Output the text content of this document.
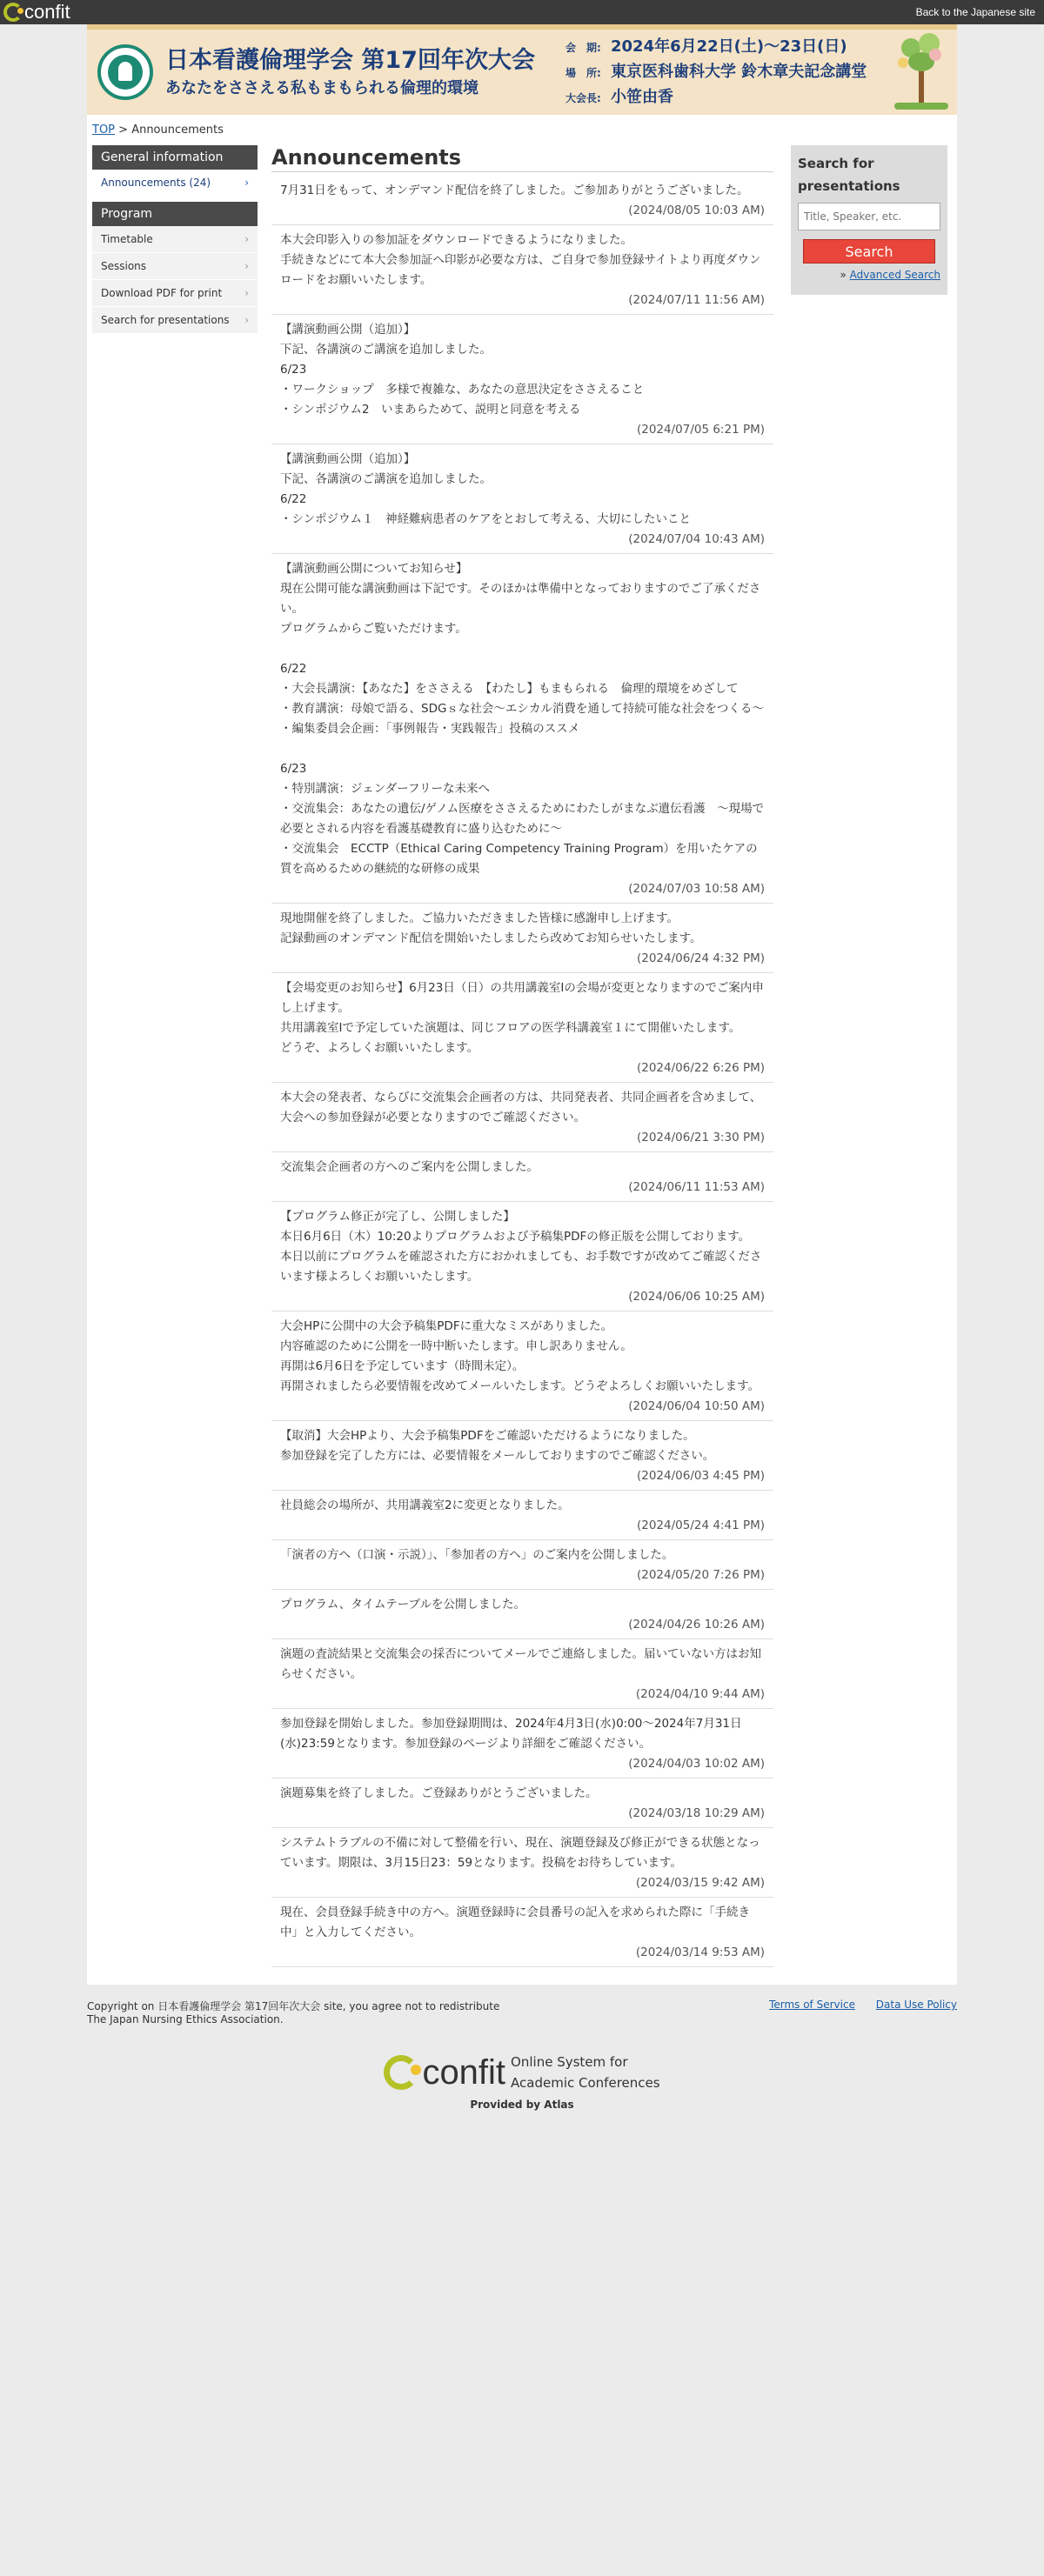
confit	Back to the Japanese site
日本看護倫理学会 第17回年次大会
あなたをささえる私もまもられる倫理的環境
会　期: 2024年6月22日(土)〜23日(日)
場　所: 東京医科歯科大学 鈴木章夫記念講堂
大会長: 小笹由香
TOP > Announcements
General information
Announcements (24)	›
Program
Timetable	›
Sessions	›
Download PDF for print ›
Search for presentations ›
Announcements
7月31日をもって、オンデマンド配信を終了しました。ご参加ありがとうございました。
(2024/08/05 10:03 AM)
本大会印影入りの参加証をダウンロードできるようになりました。
手続きなどにて本大会参加証へ印影が必要な方は、ご自身で参加登録サイトより再度ダウンロードをお願いいたします。
(2024/07/11 11:56 AM)
【講演動画公開（追加）】
下記、各講演のご講演を追加しました。
6/23
・ワークショップ　多様で複雑な、あなたの意思決定をささえること
・シンポジウム2　いまあらためて、説明と同意を考える
(2024/07/05 6:21 PM)
【講演動画公開（追加）】
下記、各講演のご講演を追加しました。
6/22
・シンポジウム１　神経難病患者のケアをとおして考える、大切にしたいこと
(2024/07/04 10:43 AM)
【講演動画公開についてお知らせ】
現在公開可能な講演動画は下記です。そのほかは準備中となっておりますのでご了承ください。
プログラムからご覧いただけます。

6/22
・大会長講演：【あなた】をささえる　【わたし】もまもられる　倫理的環境をめざして
・教育講演：母娘で語る、SDGｓな社会〜エシカル消費を通して持続可能な社会をつくる〜
・編集委員会企画：「事例報告・実践報告」投稿のススメ

6/23
・特別講演：ジェンダーフリーな未来へ
・交流集会：あなたの遺伝/ゲノム医療をささえるためにわたしがまなぶ遺伝看護　〜現場で必要とされる内容を看護基礎教育に盛り込むために〜
・交流集会　ECCTP（Ethical Caring Competency Training Program）を用いたケアの質を高めるための継続的な研修の成果
(2024/07/03 10:58 AM)
現地開催を終了しました。ご協力いただきました皆様に感謝申し上げます。
記録動画のオンデマンド配信を開始いたしましたら改めてお知らせいたします。
(2024/06/24 4:32 PM)
【会場変更のお知らせ】6月23日（日）の共用講義室Ⅰの会場が変更となりますのでご案内申し上げます。
共用講義室Ⅰで予定していた演題は、同じフロアの医学科講義室１にて開催いたします。
どうぞ、よろしくお願いいたします。

(2024/06/22 6:26 PM)
本大会の発表者、ならびに交流集会企画者の方は、共同発表者、共同企画者を含めまして、大会への参加登録が必要となりますのでご確認ください。
(2024/06/21 3:30 PM)
交流集会企画者の方へのご案内を公開しました。
(2024/06/11 11:53 AM)
【プログラム修正が完了し、公開しました】
本日6月6日（木）10:20よりプログラムおよび予稿集PDFの修正版を公開しております。
本日以前にプログラムを確認された方におかれましても、お手数ですが改めてご確認くださいます様よろしくお願いいたします。
(2024/06/06 10:25 AM)
大会HPに公開中の大会予稿集PDFに重大なミスがありました。
内容確認のために公開を一時中断いたします。申し訳ありません。
再開は6月6日を予定しています（時間未定）。
再開されましたら必要情報を改めてメールいたします。どうぞよろしくお願いいたします。
(2024/06/04 10:50 AM)
【取消】大会HPより、大会予稿集PDFをご確認いただけるようになりました。
参加登録を完了した方には、必要情報をメールしておりますのでご確認ください。
(2024/06/03 4:45 PM)
社員総会の場所が、共用講義室2に変更となりました。
(2024/05/24 4:41 PM)
「演者の方へ（口演・示説）」、「参加者の方へ」のご案内を公開しました。
(2024/05/20 7:26 PM)
プログラム、タイムテーブルを公開しました。

(2024/04/26 10:26 AM)
演題の査読結果と交流集会の採否についてメールでご連絡しました。届いていない方はお知らせください。
(2024/04/10 9:44 AM)
参加登録を開始しました。参加登録期間は、2024年4月3日(水)0:00〜2024年7月31日(水)23:59となります。参加登録のページより詳細をご確認ください。
(2024/04/03 10:02 AM)
演題募集を終了しました。ご登録ありがとうございました。
(2024/03/18 10:29 AM)
システムトラブルの不備に対して整備を行い、現在、演題登録及び修正ができる状態となっています。期限は、3月15日23：59となります。投稿をお待ちしています。
(2024/03/15 9:42 AM)
現在、会員登録手続き中の方へ。演題登録時に会員番号の記入を求められた際に「手続き中」と入力してください。
(2024/03/14 9:53 AM)
Search for presentations
Title, Speaker, etc.
Search
» Advanced Search
Copyright on 日本看護倫理学会 第17回年次大会 site, you agree not to redistribute
The Japan Nursing Ethics Association.
Terms of Service Data Use Policy
confit Online System for
Academic Conferences
Provided by Atlas
